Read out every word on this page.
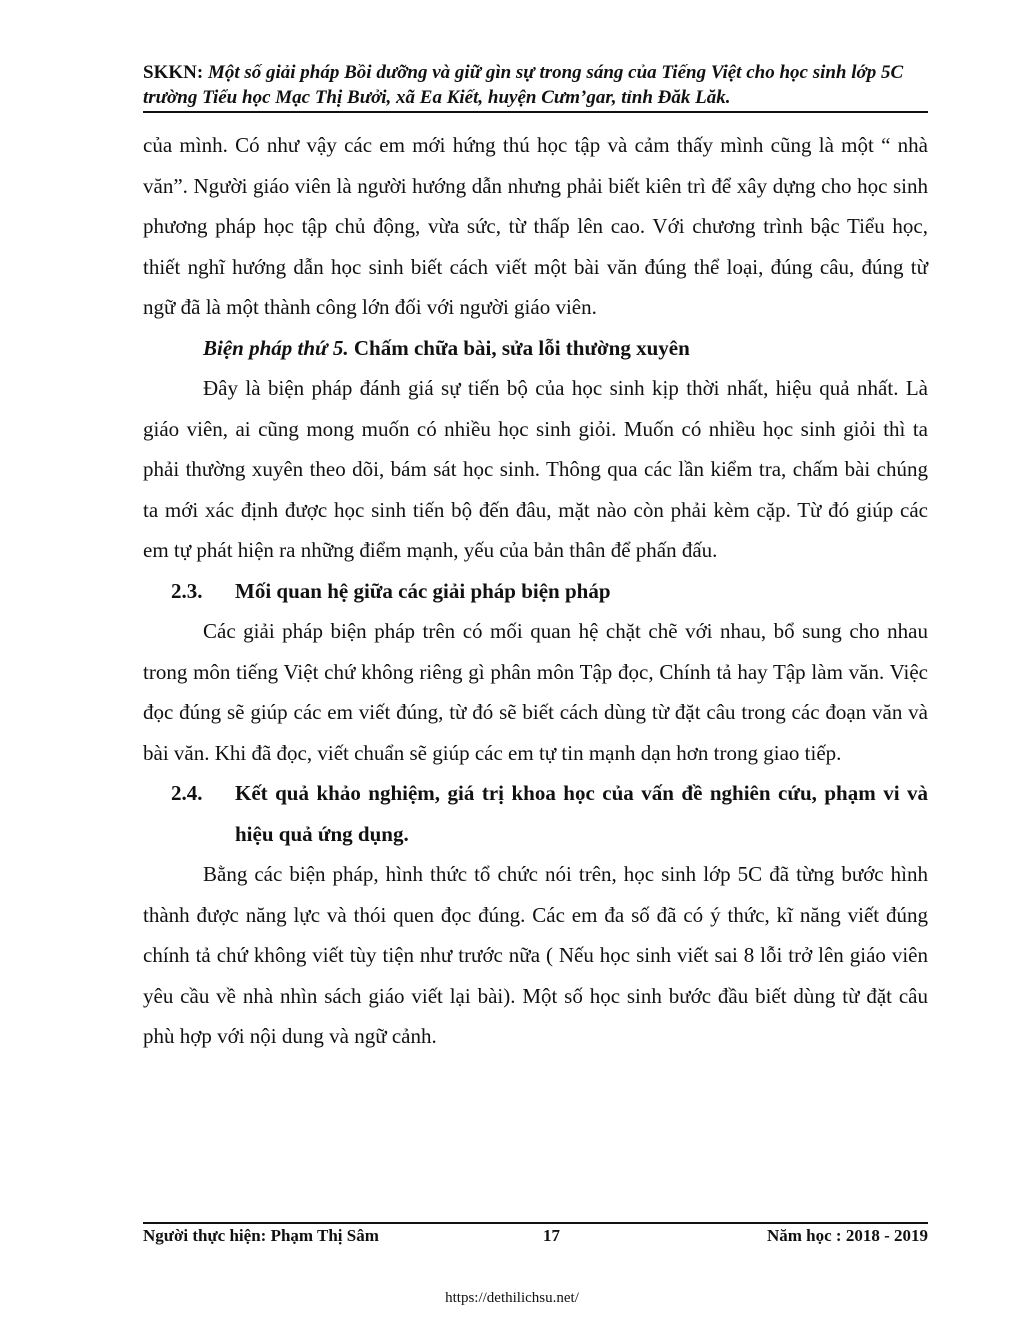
SKKN: Một số giải pháp Bồi dưỡng và giữ gìn sự trong sáng của Tiếng Việt cho học sinh lớp 5C trường Tiểu học Mạc Thị Bưởi, xã Ea Kiết, huyện Cưm’gar, tỉnh Đăk Lăk.

của mình. Có như vậy các em mới hứng thú học tập và cảm thấy mình cũng là một “ nhà văn”. Người giáo viên là người hướng dẫn nhưng phải biết kiên trì để xây dựng cho học sinh phương pháp học tập chủ động, vừa sức, từ thấp lên cao. Với chương trình bậc Tiểu học, thiết nghĩ hướng dẫn học sinh biết cách viết một bài văn đúng thể loại, đúng câu, đúng từ ngữ đã là một thành công lớn đối với người giáo viên.

Biện pháp thứ 5. Chấm chữa bài, sửa lỗi thường xuyên

Đây là biện pháp đánh giá sự tiến bộ của học sinh kịp thời nhất, hiệu quả nhất. Là giáo viên, ai cũng mong muốn có nhiều học sinh giỏi. Muốn có nhiều học sinh giỏi thì ta phải thường xuyên theo dõi, bám sát học sinh. Thông qua các lần kiểm tra, chấm bài chúng ta mới xác định được học sinh tiến bộ đến đâu, mặt nào còn phải kèm cặp. Từ đó giúp các em tự phát hiện ra những điểm mạnh, yếu của bản thân để phấn đấu.

2.3.	Mối quan hệ giữa các giải pháp biện pháp

Các giải pháp biện pháp trên có mối quan hệ chặt chẽ với nhau, bổ sung cho nhau trong môn tiếng Việt chứ không riêng gì phân môn Tập đọc, Chính tả hay Tập làm văn. Việc đọc đúng sẽ giúp các em viết đúng, từ đó sẽ biết cách dùng từ đặt câu trong các đoạn văn và bài văn. Khi đã đọc, viết chuẩn sẽ giúp các em tự tin mạnh dạn hơn trong giao tiếp.

2.4.	Kết quả khảo nghiệm, giá trị khoa học của vấn đề nghiên cứu, phạm vi và hiệu quả ứng dụng.

Bằng các biện pháp, hình thức tổ chức nói trên, học sinh lớp 5C đã từng bước hình thành được năng lực và thói quen đọc đúng. Các em đa số đã có ý thức, kĩ năng viết đúng chính tả chứ không viết tùy tiện như trước nữa ( Nếu học sinh viết sai 8 lỗi trở lên giáo viên yêu cầu về nhà nhìn sách giáo viết lại bài). Một số học sinh bước đầu biết dùng từ đặt câu phù hợp với nội dung và ngữ cảnh.

Người thực hiện: Phạm Thị Sâm	17	Năm học : 2018 - 2019
https://dethilichsu.net/
